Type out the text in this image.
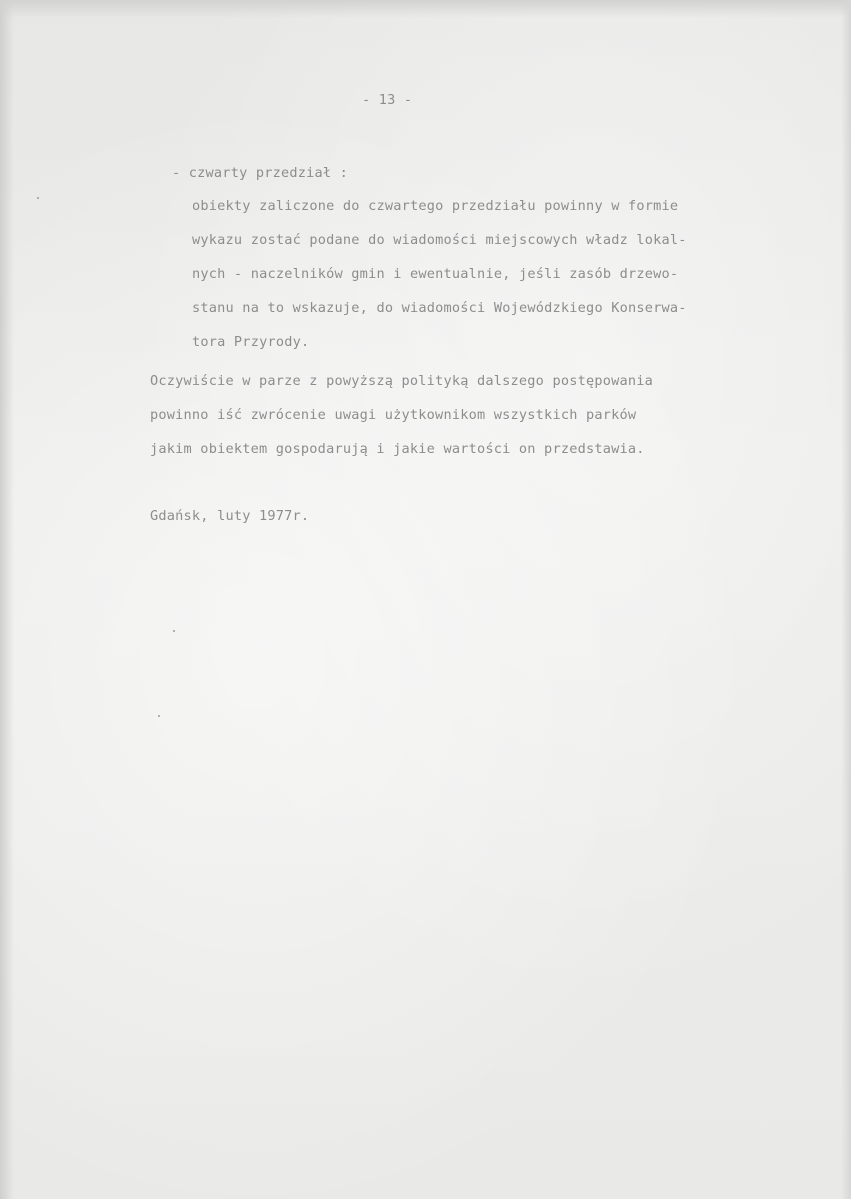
- 13 -
- czwarty przedział :
obiekty zaliczone do czwartego przedziału powinny w formie
wykazu zostać podane do wiadomości miejscowych władz lokal-
nych - naczelników gmin i ewentualnie, jeśli zasób drzewo-
stanu na to wskazuje, do wiadomości Wojewódzkiego Konserwa-
tora Przyrody.
Oczywiście w parze z powyższą polityką dalszego postępowania
powinno iść zwrócenie uwagi użytkownikom wszystkich parków
jakim obiektem gospodarują i jakie wartości on przedstawia.
Gdańsk, luty 1977r.
